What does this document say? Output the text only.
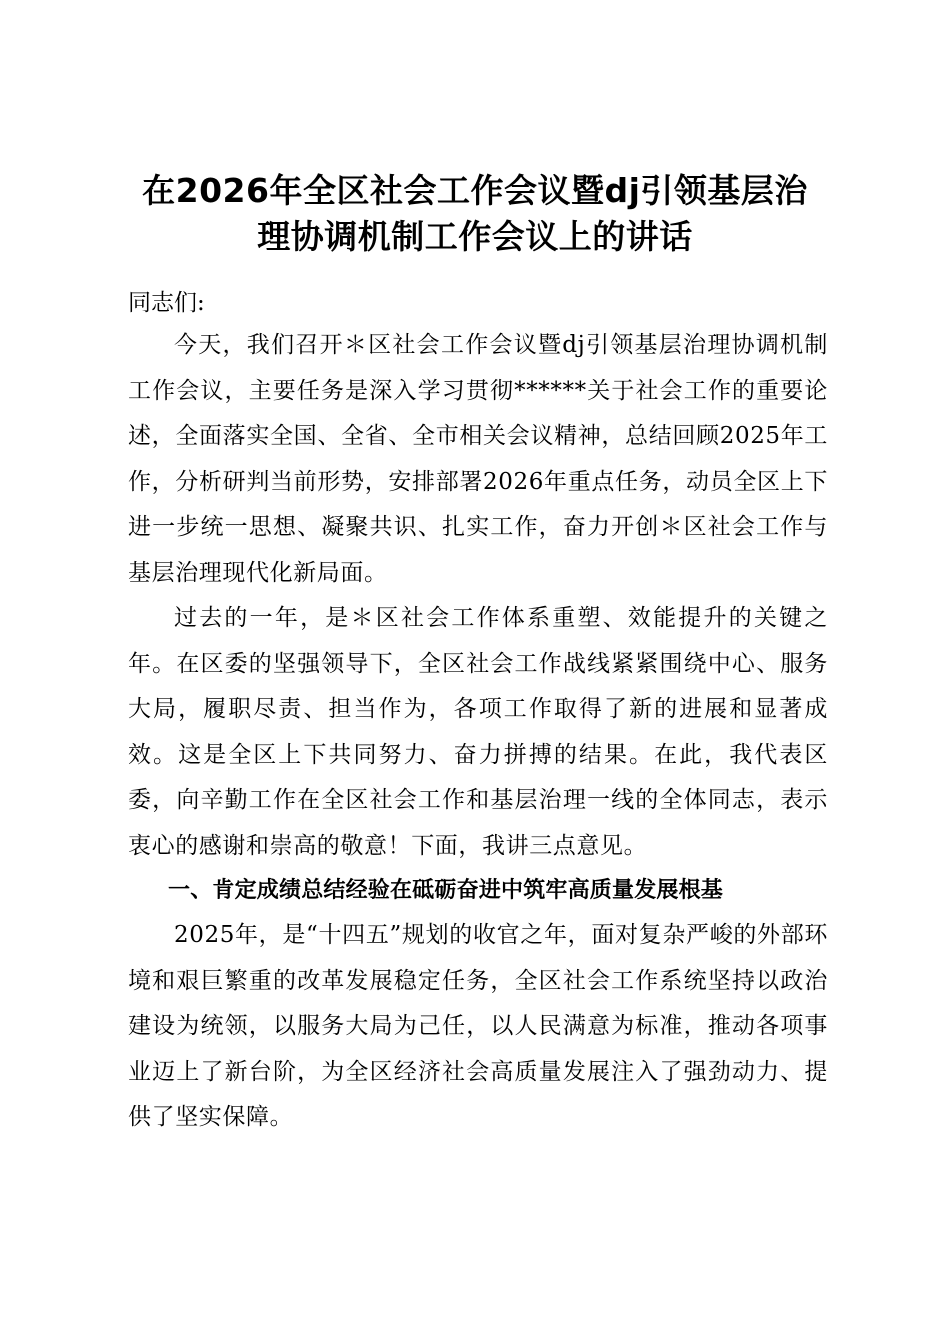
在2026年全区社会工作会议暨dj引领基层治
理协调机制工作会议上的讲话

同志们:

今天，我们召开＊区社会工作会议暨dj引领基层治理协调机制工作会议，主要任务是深入学习贯彻******关于社会工作的重要论述，全面落实全国、全省、全市相关会议精神，总结回顾2025年工作，分析研判当前形势，安排部署2026年重点任务，动员全区上下进一步统一思想、凝聚共识、扎实工作，奋力开创＊区社会工作与基层治理现代化新局面。

过去的一年，是＊区社会工作体系重塑、效能提升的关键之年。在区委的坚强领导下，全区社会工作战线紧紧围绕中心、服务大局，履职尽责、担当作为，各项工作取得了新的进展和显著成效。这是全区上下共同努力、奋力拼搏的结果。在此，我代表区委，向辛勤工作在全区社会工作和基层治理一线的全体同志，表示衷心的感谢和崇高的敬意！下面，我讲三点意见。

一、肯定成绩总结经验在砥砺奋进中筑牢高质量发展根基

2025年，是“十四五”规划的收官之年，面对复杂严峻的外部环境和艰巨繁重的改革发展稳定任务，全区社会工作系统坚持以政治建设为统领，以服务大局为己任，以人民满意为标准，推动各项事业迈上了新台阶，为全区经济社会高质量发展注入了强劲动力、提供了坚实保障。
